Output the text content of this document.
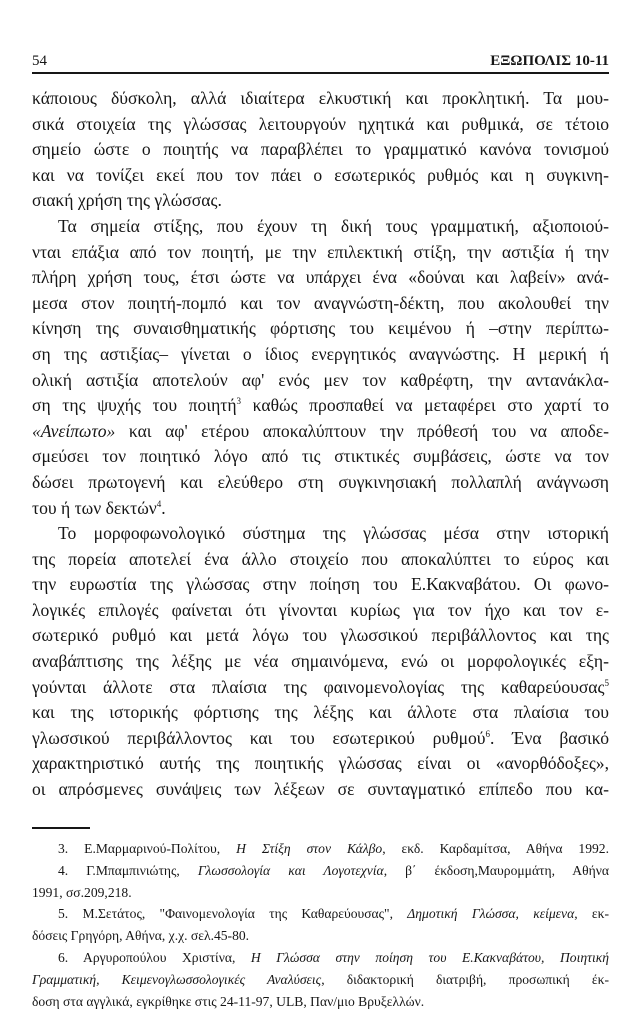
54	ΕΞΩΠΟΛΙΣ 10-11
κάποιους δύσκολη, αλλά ιδιαίτερα ελκυστική και προκλητική. Τα μου-
σικά στοιχεία της γλώσσας λειτουργούν ηχητικά και ρυθμικά, σε τέτοιο
σημείο ώστε ο ποιητής να παραβλέπει το γραμματικό κανόνα τονισμού
και να τονίζει εκεί που τον πάει ο εσωτερικός ρυθμός και η συγκινη-
σιακή χρήση της γλώσσας.
Τα σημεία στίξης, που έχουν τη δική τους γραμματική, αξιοποιού-
νται επάξια από τον ποιητή, με την επιλεκτική στίξη, την αστιξία ή την
πλήρη χρήση τους, έτσι ώστε να υπάρχει ένα «δούναι και λαβείν» ανά-
μεσα στον ποιητή-πομπό και τον αναγνώστη-δέκτη, που ακολουθεί την
κίνηση της συναισθηματικής φόρτισης του κειμένου ή –στην περίπτω-
ση της αστιξίας– γίνεται ο ίδιος ενεργητικός αναγνώστης. Η μερική ή
ολική αστιξία αποτελούν αφ' ενός μεν τον καθρέφτη, την αντανάκλα-
ση της ψυχής του ποιητή$^3$ καθώς προσπαθεί να μεταφέρει στο χαρτί το
«Ανείπωτο» και αφ' ετέρου αποκαλύπτουν την πρόθεσή του να αποδε-
σμεύσει τον ποιητικό λόγο από τις στικτικές συμβάσεις, ώστε να τον
δώσει πρωτογενή και ελεύθερο στη συγκινησιακή πολλαπλή ανάγνωση
του ή των δεκτών$^4$.
Το μορφοφωνολογικό σύστημα της γλώσσας μέσα στην ιστορική
της πορεία αποτελεί ένα άλλο στοιχείο που αποκαλύπτει το εύρος και
την ευρωστία της γλώσσας στην ποίηση του Ε.Κακναβάτου. Οι φωνο-
λογικές επιλογές φαίνεται ότι γίνονται κυρίως για τον ήχο και τον ε-
σωτερικό ρυθμό και μετά λόγω του γλωσσικού περιβάλλοντος και της
αναβάπτισης της λέξης με νέα σημαινόμενα, ενώ οι μορφολογικές εξη-
γούνται άλλοτε στα πλαίσια της φαινομενολογίας της καθαρεύουσας$^5$
και της ιστορικής φόρτισης της λέξης και άλλοτε στα πλαίσια του
γλωσσικού περιβάλλοντος και του εσωτερικού ρυθμού$^6$. Ένα βασικό
χαρακτηριστικό αυτής της ποιητικής γλώσσας είναι οι «ανορθόδοξες»,
οι απρόσμενες συνάψεις των λέξεων σε συνταγματικό επίπεδο που κα-
3. Ε.Μαρμαρινού-Πολίτου, Η Στίξη στον Κάλβο, εκδ. Καρδαμίτσα, Αθήνα 1992.
4. Γ.Μπαμπινιώτης, Γλωσσολογία και Λογοτεχνία, β΄ έκδοση,Μαυρομμάτη, Αθήνα
1991, σσ.209,218.
5. Μ.Σετάτος, "Φαινομενολογία της Καθαρεύουσας", Δημοτική Γλώσσα, κείμενα, εκ-
δόσεις Γρηγόρη, Αθήνα, χ.χ. σελ.45-80.
6. Αργυροπούλου Χριστίνα, Η Γλώσσα στην ποίηση του Ε.Κακναβάτου, Ποιητική
Γραμματική, Κειμενογλωσσολογικές Αναλύσεις, διδακτορική διατριβή, προσωπική έκ-
δοση στα αγγλικά, εγκρίθηκε στις 24-11-97, ULB, Παν/μιο Βρυξελλών.
